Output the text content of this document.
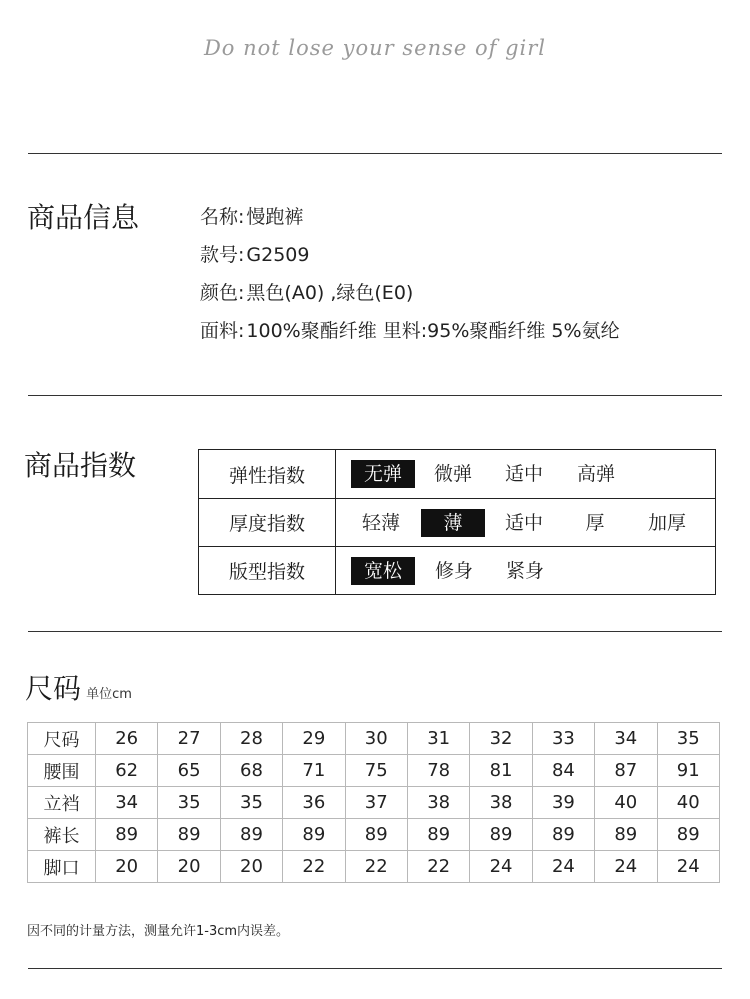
Do not lose your sense of girl
商品信息	名称: 慢跑裤
款号: G2509
颜色: 黑色(A0) ,绿色(E0)
面料: 100%聚酯纤维 里料:95%聚酯纤维 5%氨纶
商品指数	弹性指数	无弹	微弹	适中	高弹
厚度指数	轻薄	薄	适中	厚	加厚
版型指数	宽松	修身	紧身
尺码 单位cm
尺码	26	27	28	29	30	31	32	33	34	35
腰围	62	65	68	71	75	78	81	84	87	91
立裆	34	35	35	36	37	38	38	39	40	40
裤长	89	89	89	89	89	89	89	89	89	89
脚口	20	20	20	22	22	22	24	24	24	24
因不同的计量方法，测量允许1-3cm内误差。
